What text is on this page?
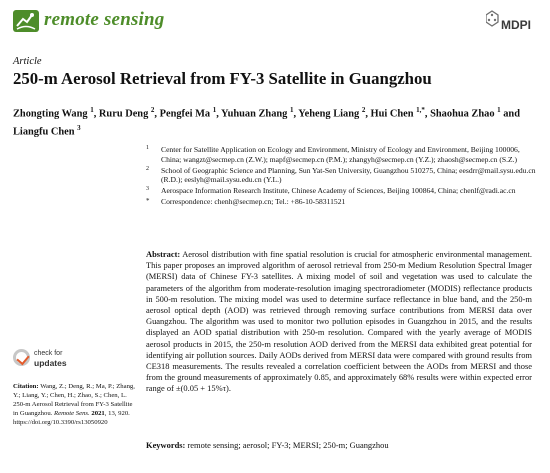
remote sensing	MDPI
Article
250-m Aerosol Retrieval from FY-3 Satellite in Guangzhou
Zhongting Wang $^1$, Ruru Deng $^2$, Pengfei Ma $^1$, Yuhuan Zhang $^1$, Yeheng Liang $^2$, Hui Chen $^{1,*}$, Shaohua Zhao $^1$ and Liangfu Chen $^3$
1 Center for Satellite Application on Ecology and Environment, Ministry of Ecology and Environment, Beijing 100006, China; wangzt@secmep.cn (Z.W.); mapf@secmep.cn (P.M.); zhangyh@secmep.cn (Y.Z.); zhaosh@secmep.cn (S.Z.)
2 School of Geographic Science and Planning, Sun Yat-Sen University, Guangzhou 510275, China; eesdrr@mail.sysu.edu.cn (R.D.); eeslyh@mail.sysu.edu.cn (Y.L.)
3 Aerospace Information Research Institute, Chinese Academy of Sciences, Beijing 100864, China; chenlf@radi.ac.cn
* Correspondence: chenh@secmep.cn; Tel.: +86-10-58311521
Abstract: Aerosol distribution with fine spatial resolution is crucial for atmospheric environmental management. This paper proposes an improved algorithm of aerosol retrieval from 250-m Medium Resolution Spectral Imager (MERSI) data of Chinese FY-3 satellites. A mixing model of soil and vegetation was used to calculate the parameters of the algorithm from moderate-resolution imaging spectroradiometer (MODIS) reflectance products in 500-m resolution. The mixing model was used to determine surface reflectance in blue band, and the 250-m aerosol optical depth (AOD) was retrieved through removing surface contributions from MERSI data over Guangzhou. The algorithm was used to monitor two pollution episodes in Guangzhou in 2015, and the results displayed an AOD spatial distribution with 250-m resolution. Compared with the yearly average of MODIS aerosol products in 2015, the 250-m resolution AOD derived from the MERSI data exhibited great potential for identifying air pollution sources. Daily AODs derived from MERSI data were compared with ground results from CE318 measurements. The results revealed a correlation coefficient between the AODs from MERSI and those from the ground measurements of approximately 0.85, and approximately 68% results were within expected error range of ±(0.05 + 15%τ).
Keywords: remote sensing; aerosol; FY-3; MERSI; 250-m; Guangzhou
check for
updates
Citation: Wang, Z.; Deng, R.; Ma, P.; Zhang, Y.; Liang, Y.; Chen, H.; Zhao, S.; Chen, L. 250-m Aerosol Retrieval from FY-3 Satellite in Guangzhou. Remote Sens. 2021, 13, 920. https://doi.org/10.3390/rs13050920
